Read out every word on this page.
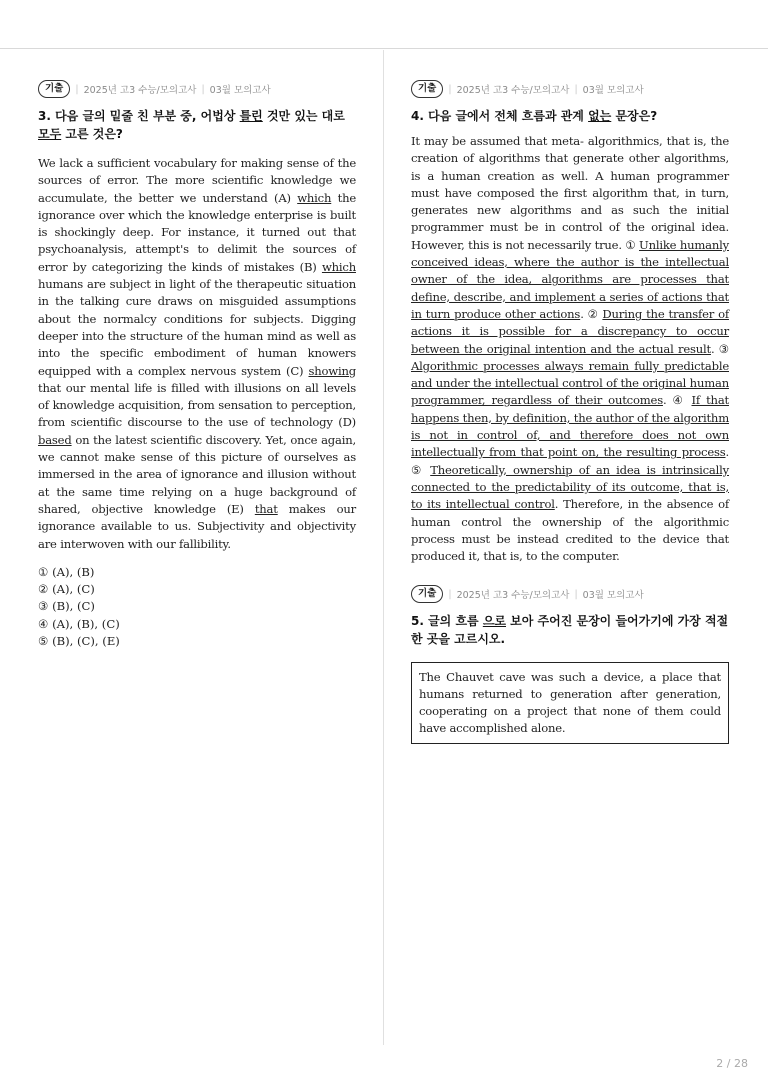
기출	| 2025년 고3 수능/모의고사 | 03월 모의고사
3. 다음 글의 밑줄 친 부분 중, 어법상 틀린 것만 있는 대로 모두 고른 것은?
We lack a sufficient vocabulary for making sense of the sources of error. The more scientific knowledge we accumulate, the better we understand (A) which the ignorance over which the knowledge enterprise is built is shockingly deep. For instance, it turned out that psychoanalysis, attempt's to delimit the sources of error by categorizing the kinds of mistakes (B) which humans are subject in light of the therapeutic situation in the talking cure draws on misguided assumptions about the normalcy conditions for subjects. Digging deeper into the structure of the human mind as well as into the specific embodiment of human knowers equipped with a complex nervous system (C) showing that our mental life is filled with illusions on all levels of knowledge acquisition, from sensation to perception, from scientific discourse to the use of technology (D) based on the latest scientific discovery. Yet, once again, we cannot make sense of this picture of ourselves as immersed in the area of ignorance and illusion without at the same time relying on a huge background of shared, objective knowledge (E) that makes our ignorance available to us. Subjectivity and objectivity are interwoven with our fallibility.
① (A), (B)
② (A), (C)
③ (B), (C)
④ (A), (B), (C)
⑤ (B), (C), (E)
기출	| 2025년 고3 수능/모의고사 | 03월 모의고사
4. 다음 글에서 전체 흐름과 관계 없는 문장은?
It may be assumed that meta- algorithmics, that is, the creation of algorithms that generate other algorithms, is a human creation as well. A human programmer must have composed the first algorithm that, in turn, generates new algorithms and as such the initial programmer must be in control of the original idea. However, this is not necessarily true. ① Unlike humanly conceived ideas, where the author is the intellectual owner of the idea, algorithms are processes that define, describe, and implement a series of actions that in turn produce other actions. ② During the transfer of actions it is possible for a discrepancy to occur between the original intention and the actual result. ③ Algorithmic processes always remain fully predictable and under the intellectual control of the original human programmer, regardless of their outcomes. ④ If that happens then, by definition, the author of the algorithm is not in control of, and therefore does not own intellectually from that point on, the resulting process. ⑤ Theoretically, ownership of an idea is intrinsically connected to the predictability of its outcome, that is, to its intellectual control. Therefore, in the absence of human control the ownership of the algorithmic process must be instead credited to the device that produced it, that is, to the computer.
기출	| 2025년 고3 수능/모의고사 | 03월 모의고사
5. 글의 흐름 으로 보아 주어진 문장이 들어가기에 가장 적절한 곳을 고르시오.
The Chauvet cave was such a device, a place that humans returned to generation after generation, cooperating on a project that none of them could have accomplished alone.
2 / 28
